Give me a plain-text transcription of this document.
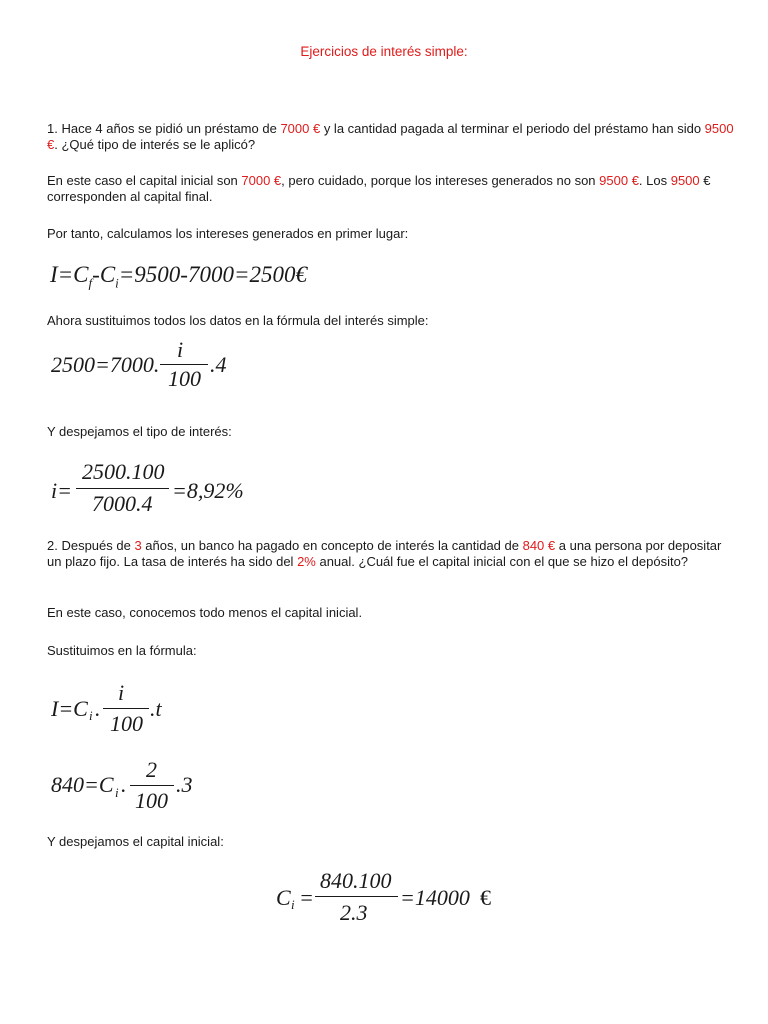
Ejercicios de interés simple:

1. Hace 4 años se pidió un préstamo de 7000 € y la cantidad pagada al terminar el periodo del préstamo han sido 9500 €. ¿Qué tipo de interés se le aplicó?

En este caso el capital inicial son 7000 €, pero cuidado, porque los intereses generados no son 9500 €. Los 9500 € corresponden al capital final.

Por tanto, calculamos los intereses generados en primer lugar:

$I=C_f-C_i=9500-7000=2500€$

Ahora sustituimos todos los datos en la fórmula del interés simple:

2500=7000.
i
100
.4

Y despejamos el tipo de interés:

i=
2500.100
7000.4
=8,92%

2. Después de 3 años, un banco ha pagado en concepto de interés la cantidad de 840 € a una persona por depositar un plazo fijo. La tasa de interés ha sido del 2% anual. ¿Cuál fue el capital inicial con el que se hizo el depósito?

En este caso, conocemos todo menos el capital inicial.

Sustituimos en la fórmula:

I=C i .
i
100
.t
840=C i .
2
100
.3

Y despejamos el capital inicial:

C i =
840.100
2.3
=14000 €
